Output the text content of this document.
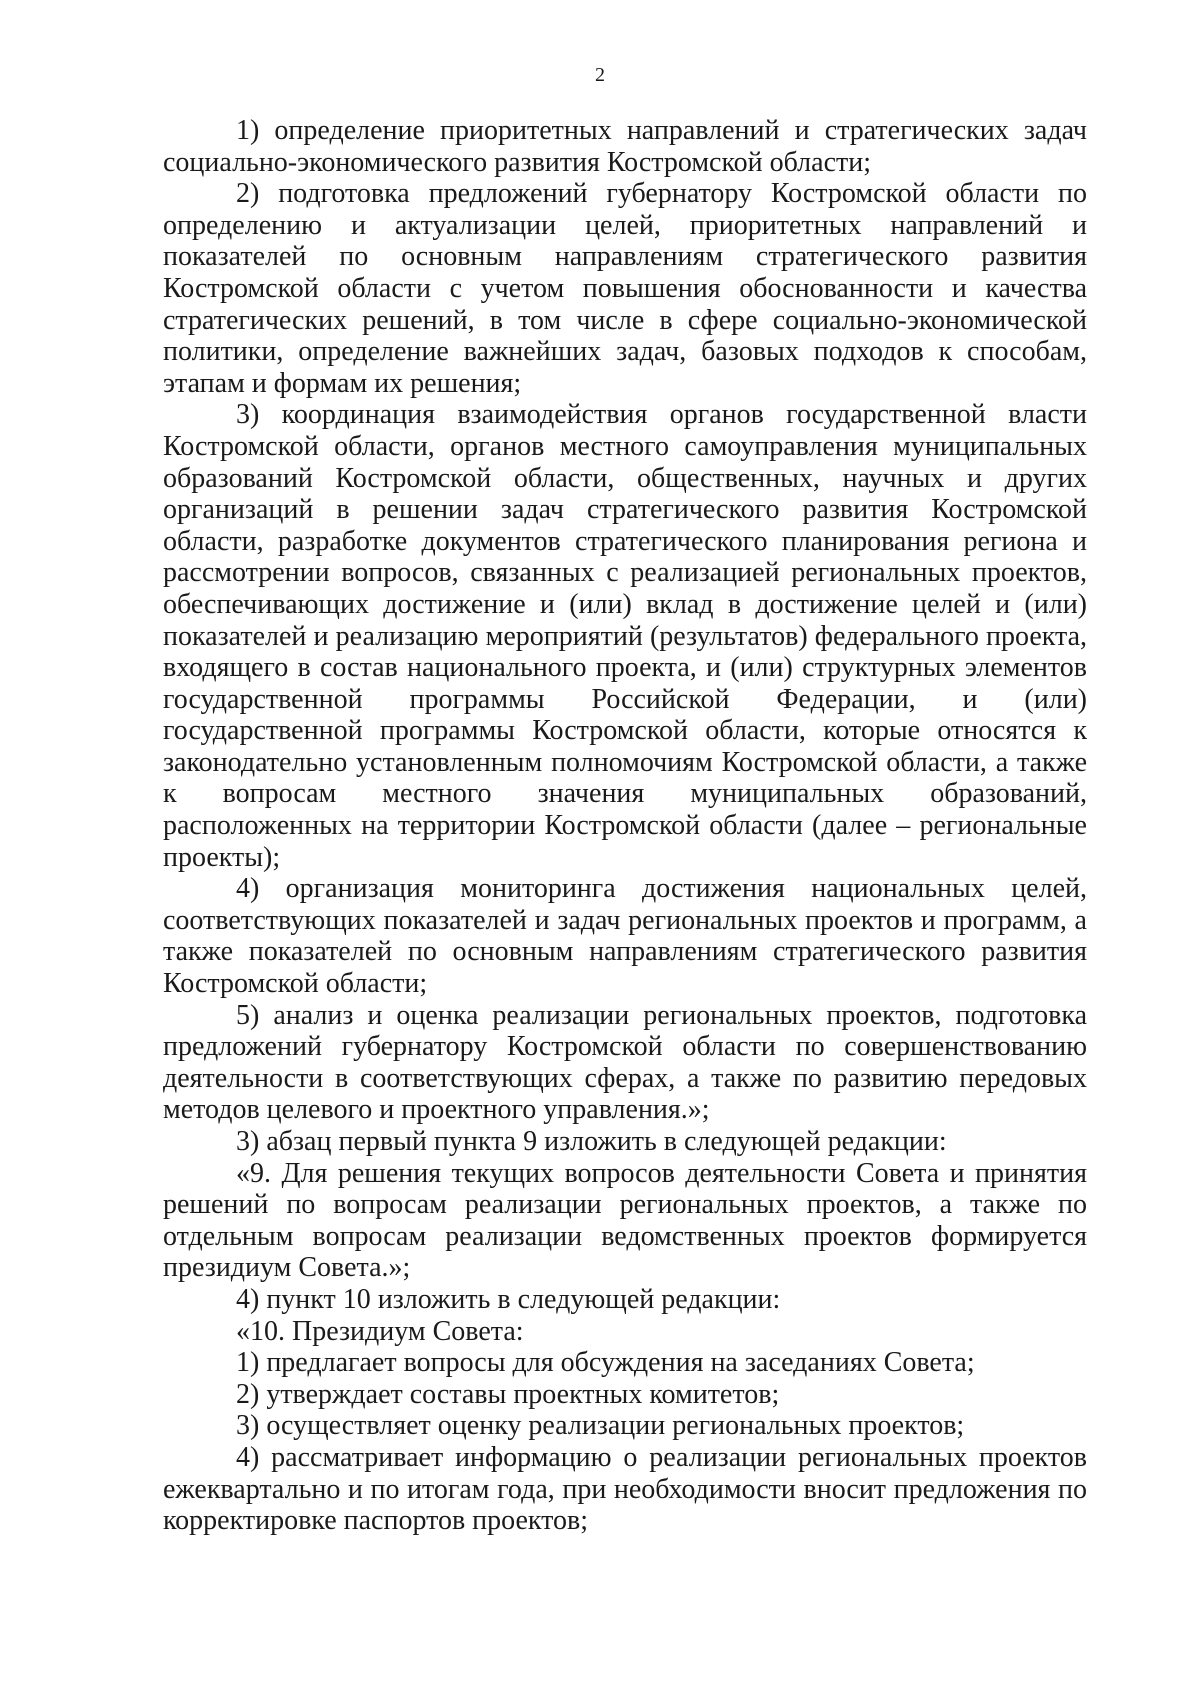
2

1) определение приоритетных направлений и стратегических задач социально-экономического развития Костромской области;

2) подготовка предложений губернатору Костромской области по определению и актуализации целей, приоритетных направлений и показателей по основным направлениям стратегического развития Костромской области с учетом повышения обоснованности и качества стратегических решений, в том числе в сфере социально-экономической политики, определение важнейших задач, базовых подходов к способам, этапам и формам их решения;

3) координация взаимодействия органов государственной власти Костромской области, органов местного самоуправления муниципальных образований Костромской области, общественных, научных и других организаций в решении задач стратегического развития Костромской области, разработке документов стратегического планирования региона и рассмотрении вопросов, связанных с реализацией региональных проектов, обеспечивающих достижение и (или) вклад в достижение целей и (или) показателей и реализацию мероприятий (результатов) федерального проекта, входящего в состав национального проекта, и (или) структурных элементов государственной программы Российской Федерации, и (или) государственной программы Костромской области, которые относятся к законодательно установленным полномочиям Костромской области, а также к вопросам местного значения муниципальных образований, расположенных на территории Костромской области (далее – региональные проекты);

4) организация мониторинга достижения национальных целей, соответствующих показателей и задач региональных проектов и программ, а также показателей по основным направлениям стратегического развития Костромской области;

5) анализ и оценка реализации региональных проектов, подготовка предложений губернатору Костромской области по совершенствованию деятельности в соответствующих сферах, а также по развитию передовых методов целевого и проектного управления.»;

3) абзац первый пункта 9 изложить в следующей редакции:

«9. Для решения текущих вопросов деятельности Совета и принятия решений по вопросам реализации региональных проектов, а также по отдельным вопросам реализации ведомственных проектов формируется президиум Совета.»;

4) пункт 10 изложить в следующей редакции:

«10. Президиум Совета:

1) предлагает вопросы для обсуждения на заседаниях Совета;

2) утверждает составы проектных комитетов;

3) осуществляет оценку реализации региональных проектов;

4) рассматривает информацию о реализации региональных проектов ежеквартально и по итогам года, при необходимости вносит предложения по корректировке паспортов проектов;
